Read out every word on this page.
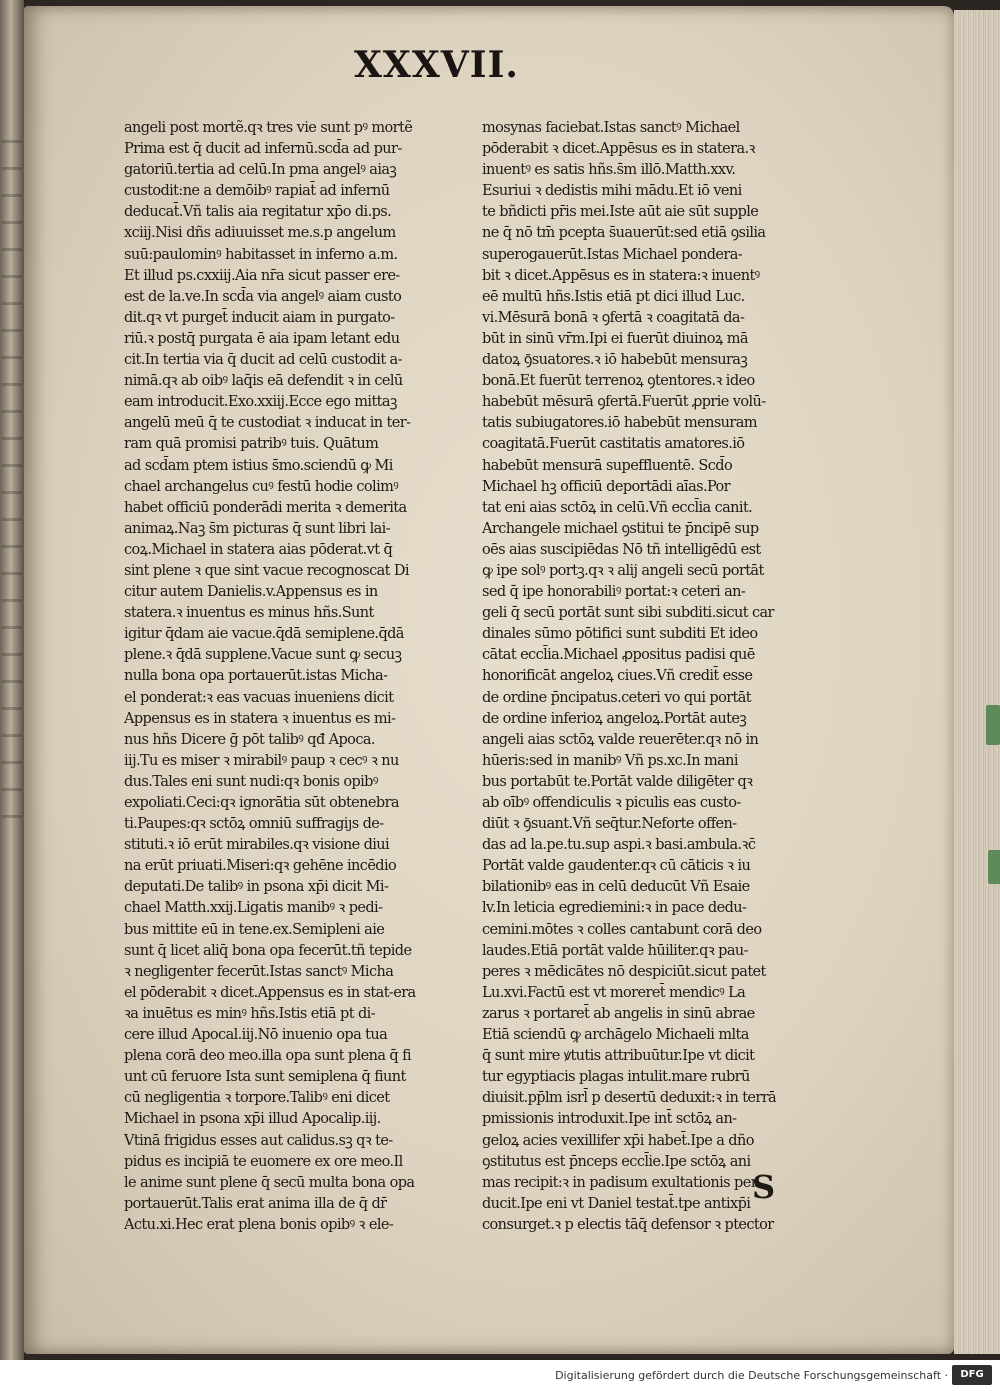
XXXVII.
angeli post mortẽ.qꝛ tres vie sunt pꝰ mortẽ
Prima est q̄ ducit ad infernū.scd̄a ad pur‑
gatoriū.tertia ad celū.In pma angelꝰ aiaꝫ
custodit:ne a demōibꝰ rapiat̄ ad infernū
deducat̄.Vñ talis aia regitatur xp̄o di.ps.
xciij.Nisi dñs adiuuisset me.s.p angelum
suū:paulominꝰ habitasset in inferno a.m.
Et illud ps.cxxiij.Aia nr̄a sicut passer ere‑
est de la.ve.In scd̄a via angelꝰ aiam custo
dit.qꝛ vt purget̄ inducit aiam in purgato‑
riū.ꝛ postq̄ purgata ē aia ipam letant edu
cit.In tertia via q̄ ducit ad celū custodit a‑
nimā.qꝛ ab oibꝰ laq̄is eā defendit ꝛ in celū
eam introducit.Exo.xxiij.Ecce ego mittaꝫ
angelū meū q̄ te custodiat ꝛ inducat in ter‑
ram quā promisi patribꝰ tuis. Quātum
ad scd̄am ptem istius s̄mo.sciendū ꝙ Mi
chael archangelus cuꝰ festū hodie colimꝰ
habet officiū ponderādi merita ꝛ demerita
animaꝝ.Naꝫ s̄m picturas q̄ sunt libri lai‑
coꝝ.Michael in statera aias pōderat.vt q̄
sint plene ꝛ que sint vacue recognoscat Di
citur autem Danielis.v.Appensus es in
statera.ꝛ inuentus es minus hñs.Sunt
igitur q̄dam aie vacue.q̄dā semiplene.q̄dā
plene.ꝛ q̄dā supplene.Vacue sunt ꝙ secuꝫ
nulla bona opa portauerūt.istas Micha‑
el ponderat:ꝛ eas vacuas inueniens dicit
Appensus es in statera ꝛ inuentus es mi‑
nus hñs Dicere ḡ pōt talibꝰ qđ Apoca.
iij.Tu es miser ꝛ mirabilꝰ paup ꝛ cecꝰ ꝛ nu
dus.Tales eni sunt nudi:qꝛ bonis opibꝰ
expoliati.Ceci:qꝛ ignorātia sūt obtenebra
ti.Paupes:qꝛ sctōꝝ omniū suffragiȷs de‑
stituti.ꝛ iō erūt mirabiles.qꝛ visione diui
na erūt priuati.Miseri:qꝛ gehēne incēdio
deputati.De talibꝰ in psona xp̄i dicit Mi‑
chael Matth.xxij.Ligatis manibꝰ ꝛ pedi‑
bus mittite eū in tene.ex.Semipleni aie
sunt q̄ licet aliq̄ bona opa fecerūt.tñ tepide
ꝛ negligenter fecerūt.Istas sanctꝰ Micha
el pōderabit ꝛ dicet.Appensus es in stat‑era
ꝛa inuētus es minꝰ hñs.Istis etiā pt di‑
cere illud Apocal.iij.Nō inuenio opa tua
plena corā deo meo.illa opa sunt plena q̄ fi
unt cū feruore Ista sunt semiplena q̄ fiunt
cū negligentia ꝛ torpore.Talibꝰ eni dicet
Michael in psona xp̄i illud Apocalip.iij.
Vtinā frigidus esses aut calidus.sꝫ qꝛ te‑
pidus es incipiā te euomere ex ore meo.Il
le anime sunt plene q̄ secū multa bona opa
portauerūt.Talis erat anima illa de q̄ dr̄
Actu.xi.Hec erat plena bonis opibꝰ ꝛ ele‑
mosynas faciebat.Istas sanctꝰ Michael
pōderabit ꝛ dicet.Appēsus es in statera.ꝛ
inuentꝰ es satis hñs.s̄m illō.Matth.xxv.
Esuriui ꝛ dedistis mihi mādu.Et iō veni
te bñdicti pr̄is mei.Iste aūt aie sūt supple
ne q̄ nō tm̄ pcepta s̄uauerūt:sed etiā ꝯsilia
superogauerūt.Istas Michael pondera‑
bit ꝛ dicet.Appēsus es in statera:ꝛ inuentꝰ
eē multū hñs.Istis etiā pt dici illud Luc.
vi.Mēsurā bonā ꝛ ꝯfertā ꝛ coagitatā da‑
būt in sinū vr̄m.Ipi ei fuerūt diuinoꝝ mā
datoꝝ ꝯ̄suatores.ꝛ iō habebūt mensuraꝫ
bonā.Et fuerūt terrenoꝝ ꝯtentores.ꝛ ideo
habebūt mēsurā ꝯfertā.Fuerūt ꝓprie volū‑
tatis subiugatores.iō habebūt mensuram
coagitatā.Fuerūt castitatis amatores.iō
habebūt mensurā supeffluentē. Scd̄o
Michael hꝫ officiū deportādi aīas.Por
tat eni aias sctōꝝ in celū.Vñ eccl̄ia canit.
Archangele michael ꝯstitui te p̄ncipē sup
oēs aias suscipiēdas Nō tñ intelligēdū est
ꝙ ipe solꝰ portꝫ.qꝛ ꝛ alij angeli secū portāt
sed q̄ ipe honorabiliꝰ portat:ꝛ ceteri an‑
geli q̄ secū portāt sunt sibi subditi.sicut car
dinales sūmo pōtifici sunt subditi Et ideo
cātat eccl̄ia.Michael ꝓpositus padisi quē
honorificāt angeloꝝ ciues.Vñ credit̄ esse
de ordine p̄ncipatus.ceteri vo qui portāt
de ordine inferioꝝ angeloꝝ.Portāt auteꝫ
angeli aias sctōꝝ valde reuerēter.qꝛ nō in
hūeris:sed in manibꝰ Vñ ps.xc.In mani
bus portabūt te.Portāt valde diligēter qꝛ
ab oībꝰ offendiculis ꝛ piculis eas custo‑
diūt ꝛ ꝯ̄suant.Vñ seq̄tur.Neforte offen‑
das ad la.pe.tu.sup aspi.ꝛ basi.ambula.ꝛc̄
Portāt valde gaudenter.qꝛ cū cāticis ꝛ iu
bilationibꝰ eas in celū deducūt Vñ Esaie
lv.In leticia egrediemini:ꝛ in pace dedu‑
cemini.mōtes ꝛ colles cantabunt corā deo
laudes.Etiā portāt valde hūiliter.qꝛ pau‑
peres ꝛ mēdicātes nō despiciūt.sicut patet
Lu.xvi.Factū est vt moreret̄ mendicꝰ La
zarus ꝛ portaret̄ ab angelis in sinū abrae
Etiā sciendū ꝙ archāgelo Michaeli mlta
q̄ sunt mire ꝟtutis attribuūtur.Ipe vt dicit
tur egyptiacis plagas intulit.mare rubrū
diuisit.pp̄lm isrl̄ p desertū deduxit:ꝛ in terrā
pmissionis introduxit.Ipe int̄ sctōꝝ an‑
geloꝝ acies vexillifer xp̄i habet̄.Ipe a dño
ꝯstitutus est p̄nceps eccl̄ie.Ipe sctōꝝ ani
mas recipit:ꝛ in padisum exultationis per
ducit.Ipe eni vt Daniel testat̄.tpe antixp̄i
consurget.ꝛ p electis tāq̄ defensor ꝛ ptector
S
Digitalisierung gefördert durch die Deutsche Forschungsgemeinschaft ·	DFG
